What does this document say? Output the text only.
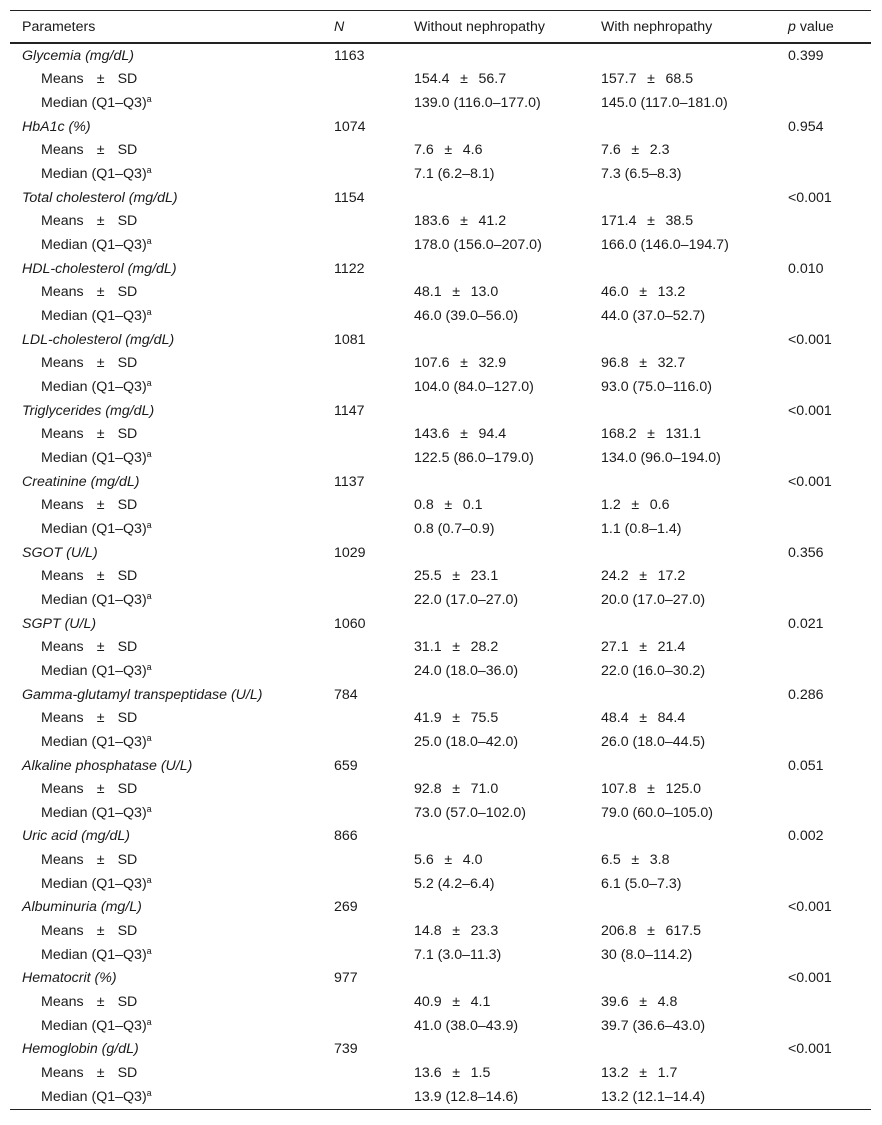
Parameters	N	Without nephropathy	With nephropathy	p value
Glycemia (mg/dL)	1163			0.399
Means ± SD		154.4 ± 56.7	157.7 ± 68.5	
Median $(Q1-Q3)^a$		139.0 (116.0–177.0)	145.0 (117.0–181.0)	
HbA1c (%)	1074			0.954
Means ± SD		7.6 ± 4.6	7.6 ± 2.3	
Median $(Q1-Q3)^a$		7.1 (6.2–8.1)	7.3 (6.5–8.3)	
Total cholesterol (mg/dL)	1154			<0.001
Means ± SD		183.6 ± 41.2	171.4 ± 38.5	
Median $(Q1-Q3)^a$		178.0 (156.0–207.0)	166.0 (146.0–194.7)	
HDL-cholesterol (mg/dL)	1122			0.010
Means ± SD		48.1 ± 13.0	46.0 ± 13.2	
Median $(Q1-Q3)^a$		46.0 (39.0–56.0)	44.0 (37.0–52.7)	
LDL-cholesterol (mg/dL)	1081			<0.001
Means ± SD		107.6 ± 32.9	96.8 ± 32.7	
Median $(Q1-Q3)^a$		104.0 (84.0–127.0)	93.0 (75.0–116.0)	
Triglycerides (mg/dL)	1147			<0.001
Means ± SD		143.6 ± 94.4	168.2 ± 131.1	
Median $(Q1-Q3)^a$		122.5 (86.0–179.0)	134.0 (96.0–194.0)	
Creatinine (mg/dL)	1137			<0.001
Means ± SD		0.8 ± 0.1	1.2 ± 0.6	
Median $(Q1-Q3)^a$		0.8 (0.7–0.9)	1.1 (0.8–1.4)	
SGOT (U/L)	1029			0.356
Means ± SD		25.5 ± 23.1	24.2 ± 17.2	
Median $(Q1-Q3)^a$		22.0 (17.0–27.0)	20.0 (17.0–27.0)	
SGPT (U/L)	1060			0.021
Means ± SD		31.1 ± 28.2	27.1 ± 21.4	
Median $(Q1-Q3)^a$		24.0 (18.0–36.0)	22.0 (16.0–30.2)	
Gamma-glutamyl transpeptidase (U/L)	784			0.286
Means ± SD		41.9 ± 75.5	48.4 ± 84.4	
Median $(Q1-Q3)^a$		25.0 (18.0–42.0)	26.0 (18.0–44.5)	
Alkaline phosphatase (U/L)	659			0.051
Means ± SD		92.8 ± 71.0	107.8 ± 125.0	
Median $(Q1-Q3)^a$		73.0 (57.0–102.0)	79.0 (60.0–105.0)	
Uric acid (mg/dL)	866			0.002
Means ± SD		5.6 ± 4.0	6.5 ± 3.8	
Median $(Q1-Q3)^a$		5.2 (4.2–6.4)	6.1 (5.0–7.3)	
Albuminuria (mg/L)	269			<0.001
Means ± SD		14.8 ± 23.3	206.8 ± 617.5	
Median $(Q1-Q3)^a$		7.1 (3.0–11.3)	30 (8.0–114.2)	
Hematocrit (%)	977			<0.001
Means ± SD		40.9 ± 4.1	39.6 ± 4.8	
Median $(Q1-Q3)^a$		41.0 (38.0–43.9)	39.7 (36.6–43.0)	
Hemoglobin (g/dL)	739			<0.001
Means ± SD		13.6 ± 1.5	13.2 ± 1.7	
Median $(Q1-Q3)^a$		13.9 (12.8–14.6)	13.2 (12.1–14.4)	
